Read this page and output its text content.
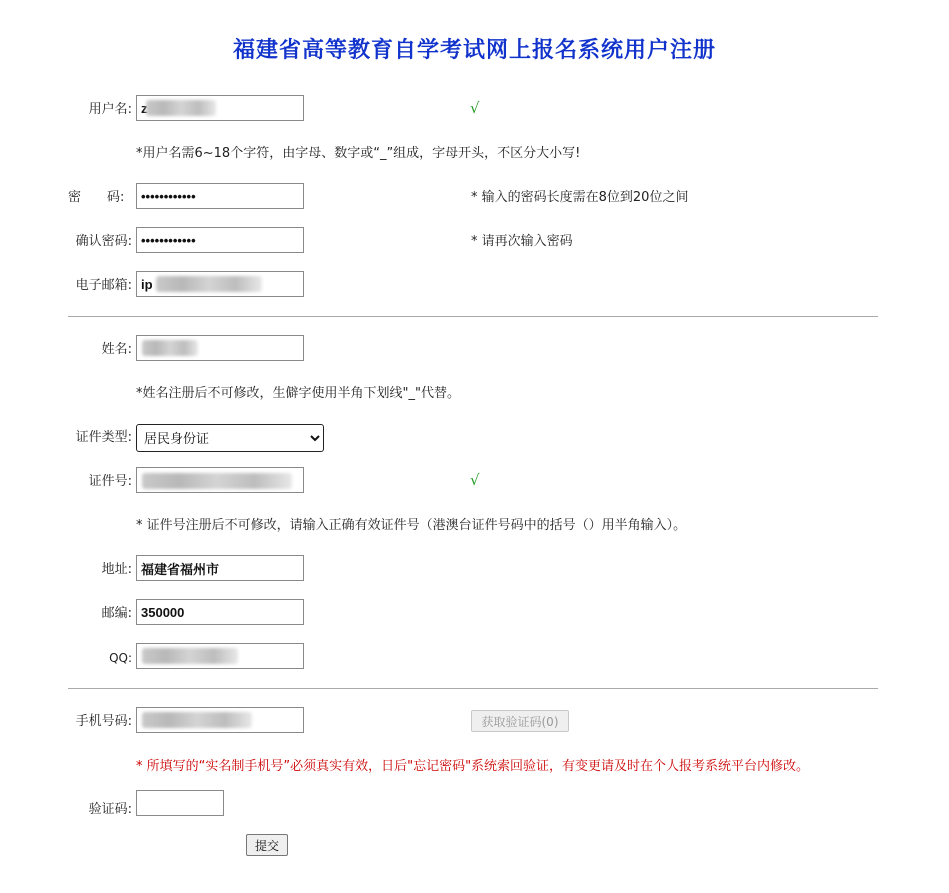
福建省高等教育自学考试网上报名系统用户注册
用户名:
z	√
*用户名需6~18个字符，由字母、数字或“_”组成，字母开头，不区分大小写!
密 码:
••••••••••••	* 输入的密码长度需在8位到20位之间
确认密码:
••••••••••••	* 请再次输入密码
电子邮箱:
ip
姓名:
*姓名注册后不可修改，生僻字使用半角下划线"_"代替。
证件类型:
居民身份证
证件号:	√
* 证件号注册后不可修改，请输入正确有效证件号（港澳台证件号码中的括号（）用半角输入）。
地址:
福建省福州市
邮编:
350000
QQ:
手机号码:	获取验证码(0)
* 所填写的“实名制手机号”必须真实有效，日后"忘记密码"系统索回验证，有变更请及时在个人报考系统平台内修改。
验证码:
提交
